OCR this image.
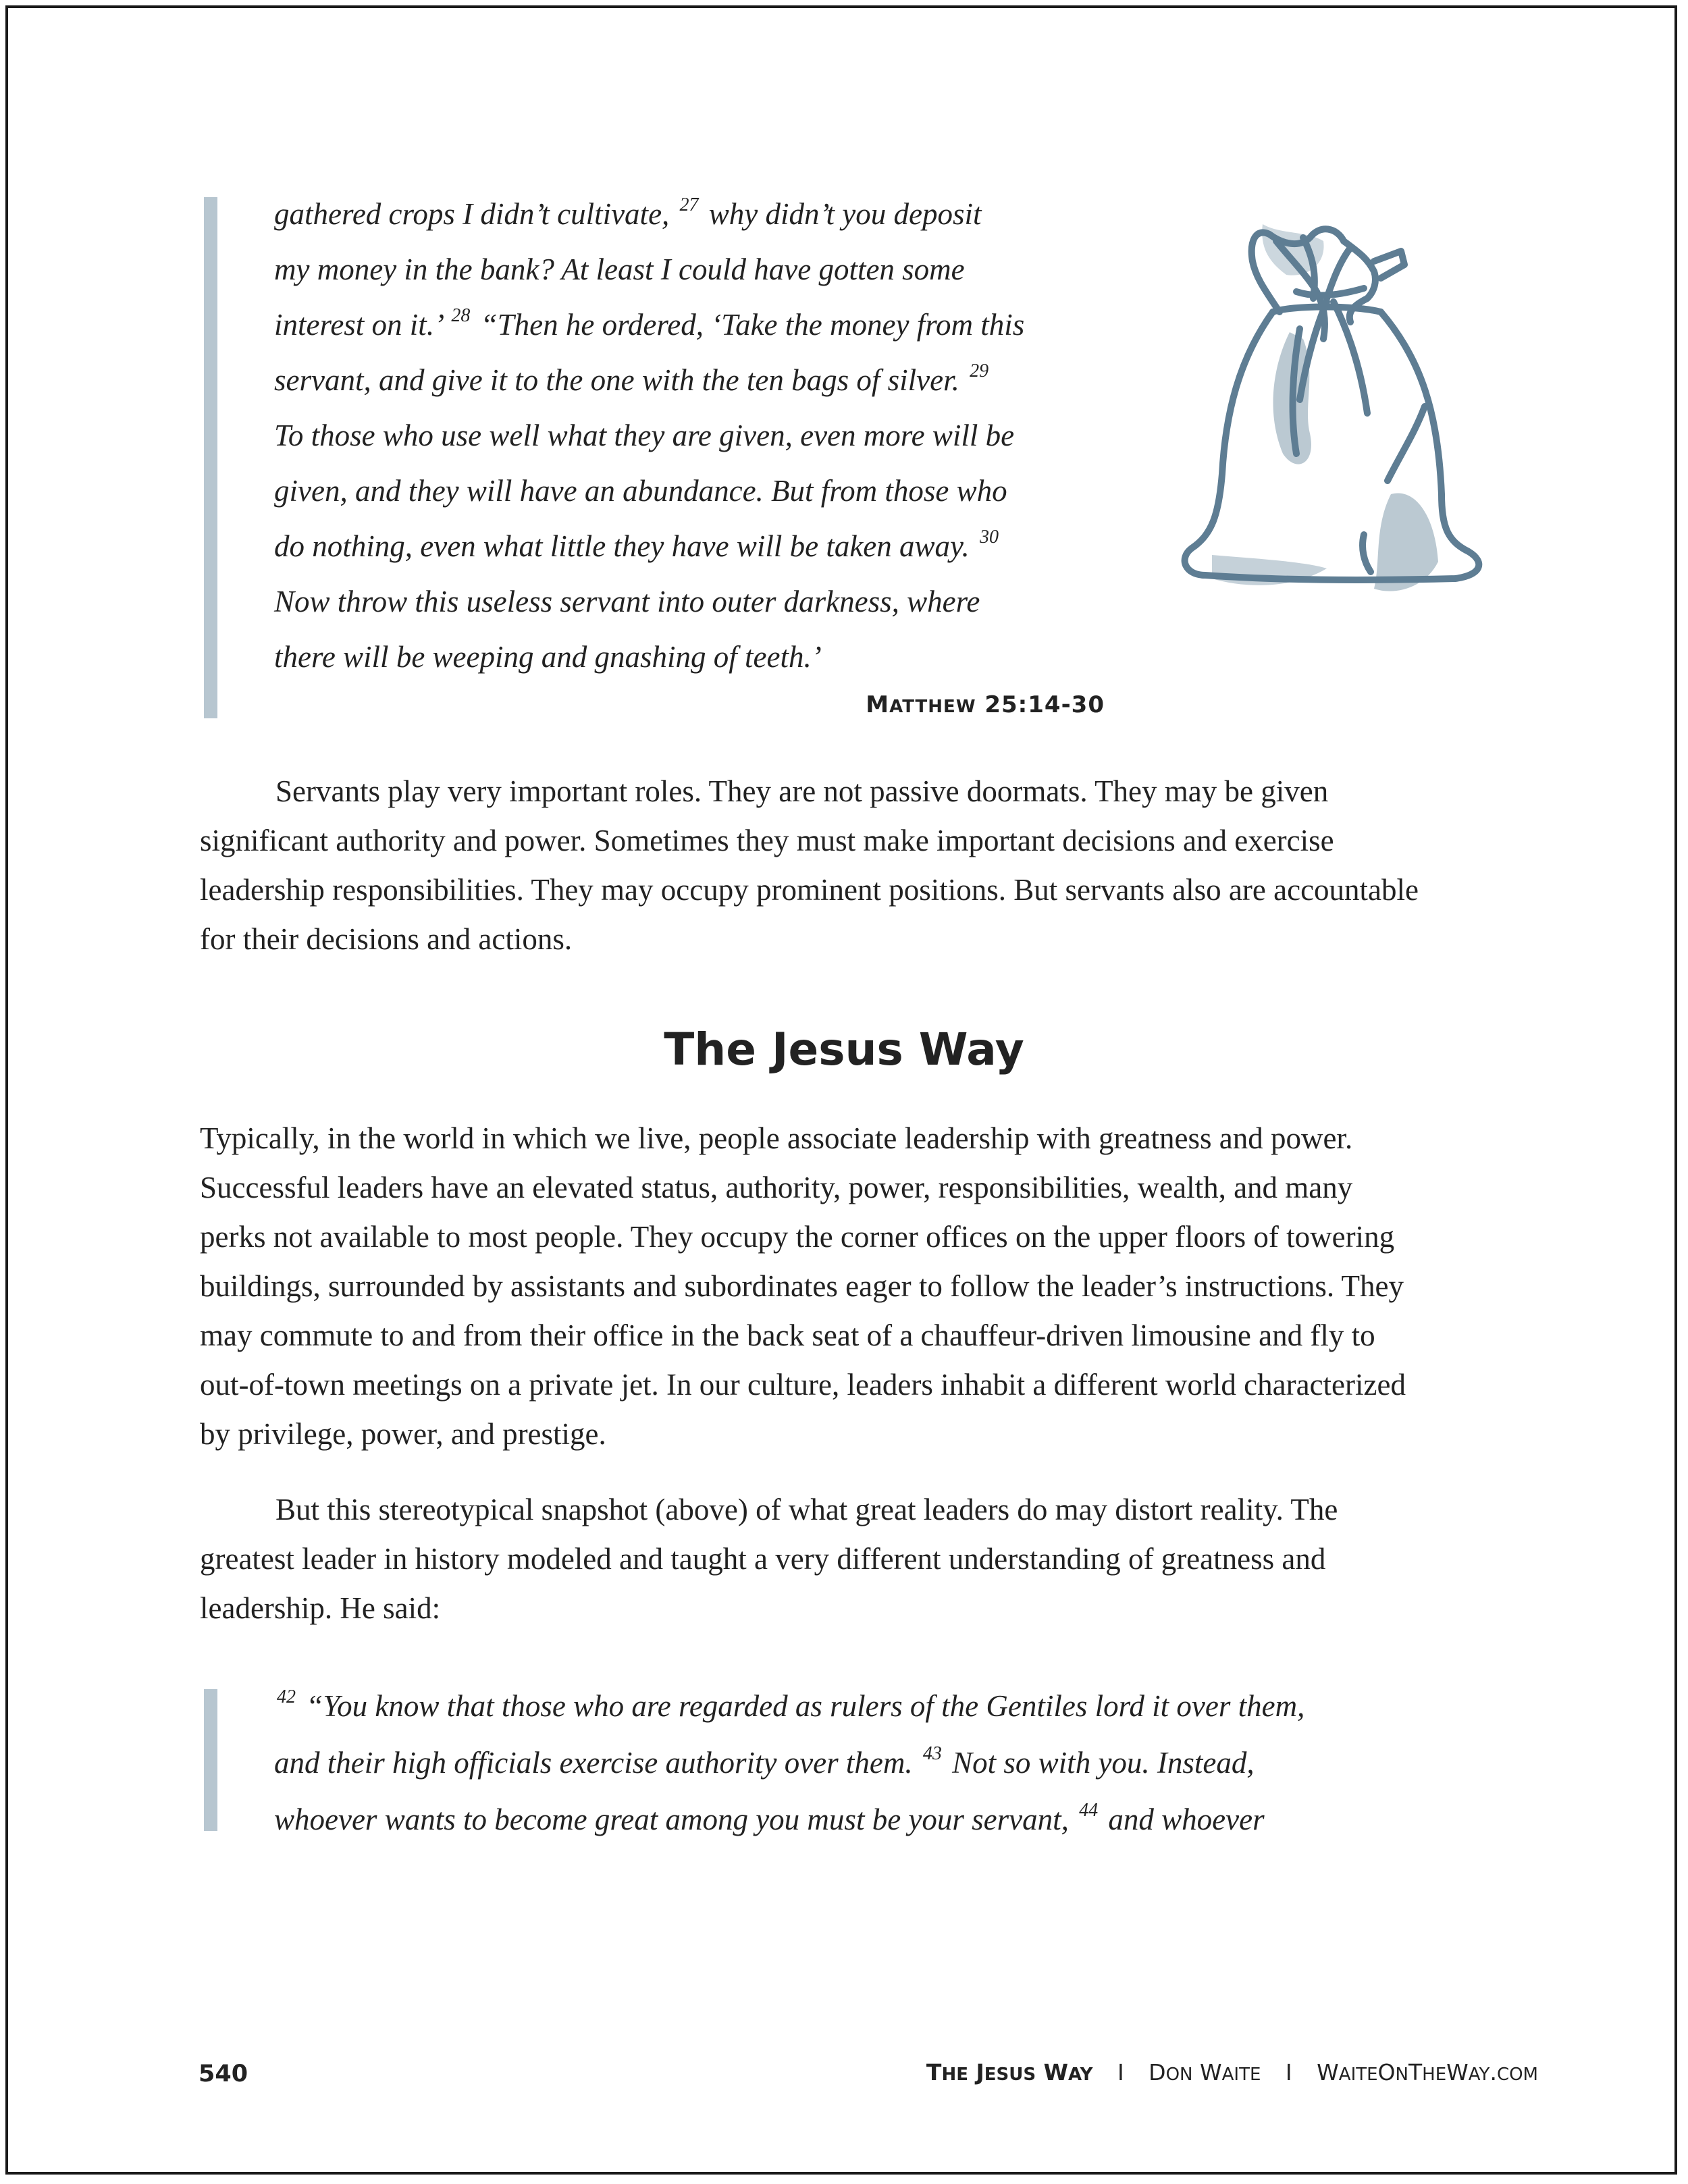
gathered crops I didn’t cultivate, $^{27}$ why didn’t you deposit
my money in the bank? At least I could have gotten some
interest on it.’ $^{28}$ “Then he ordered, ‘Take the money from this
servant, and give it to the one with the ten bags of silver. $^{29}$
To those who use well what they are given, even more will be
given, and they will have an abundance. But from those who
do nothing, even what little they have will be taken away. $^{30}$
Now throw this useless servant into outer darkness, where
there will be weeping and gnashing of teeth.’
MATTHEW 25:14-30
Servants play very important roles. They are not passive doormats. They may be given
significant authority and power. Sometimes they must make important decisions and exercise
leadership responsibilities. They may occupy prominent positions. But servants also are accountable
for their decisions and actions.
The Jesus Way
Typically, in the world in which we live, people associate leadership with greatness and power.
Successful leaders have an elevated status, authority, power, responsibilities, wealth, and many
perks not available to most people. They occupy the corner offices on the upper floors of towering
buildings, surrounded by assistants and subordinates eager to follow the leader’s instructions. They
may commute to and from their office in the back seat of a chauffeur-driven limousine and fly to
out-of-town meetings on a private jet. In our culture, leaders inhabit a different world characterized
by privilege, power, and prestige.
But this stereotypical snapshot (above) of what great leaders do may distort reality. The
greatest leader in history modeled and taught a very different understanding of greatness and
leadership. He said:
$^{42}$ “You know that those who are regarded as rulers of the Gentiles lord it over them,
and their high officials exercise authority over them. $^{43}$ Not so with you. Instead,
whoever wants to become great among you must be your servant, $^{44}$ and whoever
540	THE JESUS WAY I DON WAITE I WAITEONTHEWAY.COM
